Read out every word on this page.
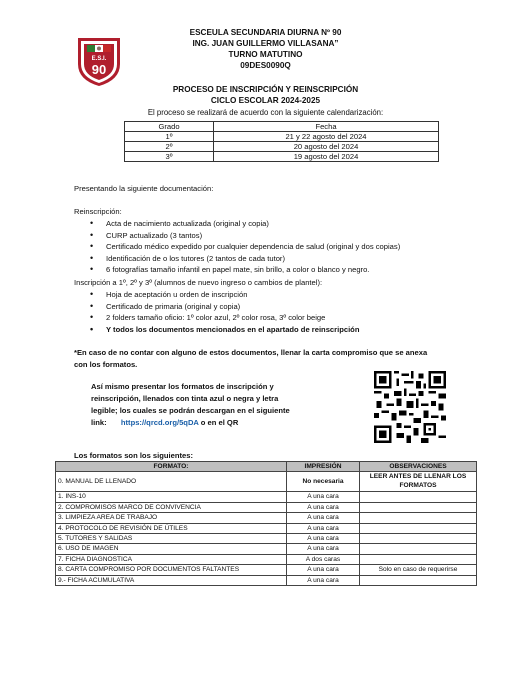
E.S.I.
90
ESCEULA SECUNDARIA DIURNA Nº 90
ING. JUAN GUILLERMO VILLASANA”
TURNO MATUTINO
09DES0090Q
PROCESO DE INSCRIPCIÓN Y REINSCRIPCIÓN
CICLO ESCOLAR 2024-2025
El proceso se realizará de acuerdo con la siguiente calendarización:
Grado	Fecha
1º	21 y 22 agosto del 2024
2º	20 agosto del 2024
3º	19 agosto del 2024
Presentando la siguiente documentación:
Reinscripción:
• Acta de nacimiento actualizada (original y copia)
• CURP actualizado (3 tantos)
• Certificado médico expedido por cualquier dependencia de salud (original y dos copias)
• Identificación de o los tutores (2 tantos de cada tutor)
• 6 fotografías tamaño infantil en papel mate, sin brillo, a color o blanco y negro.
Inscripción a 1º, 2º y 3º (alumnos de nuevo ingreso o cambios de plantel):
• Hoja de aceptación u orden de inscripción
• Certificado de primaria (original y copia)
• 2 folders tamaño oficio: 1º color azul, 2º color rosa, 3º color beige
• Y todos los documentos mencionados en el apartado de reinscripción
*En caso de no contar con alguno de estos documentos, llenar la carta compromiso que se anexa
con los formatos.
Así mismo presentar los formatos de inscripción y
reinscripción, llenados con tinta azul o negra y letra
legible; los cuales se podrán descargan en el siguiente
link: https://qrcd.org/5qDA o en el QR
Los formatos son los siguientes:
FORMATO:	IMPRESIÓN	OBSERVACIONES
0. MANUAL DE LLENADO	No necesaria	LEER ANTES DE LLENAR LOS FORMATOS
1. INS-10	A una cara	
2. COMPROMISOS MARCO DE CONVIVENCIA	A una cara	
3. LIMPIEZA AREA DE TRABAJO	A una cara	
4. PROTOCOLO DE REVISIÓN DE ÚTILES	A una cara	
5. TUTORES Y SALIDAS	A una cara	
6. USO DE IMAGEN	A una cara	
7. FICHA DIAGNOSTICA	A dos caras	
8. CARTA COMPROMISO POR DOCUMENTOS FALTANTES	A una cara	Solo en caso de requerirse
9.- FICHA ACUMULATIVA	A una cara	
